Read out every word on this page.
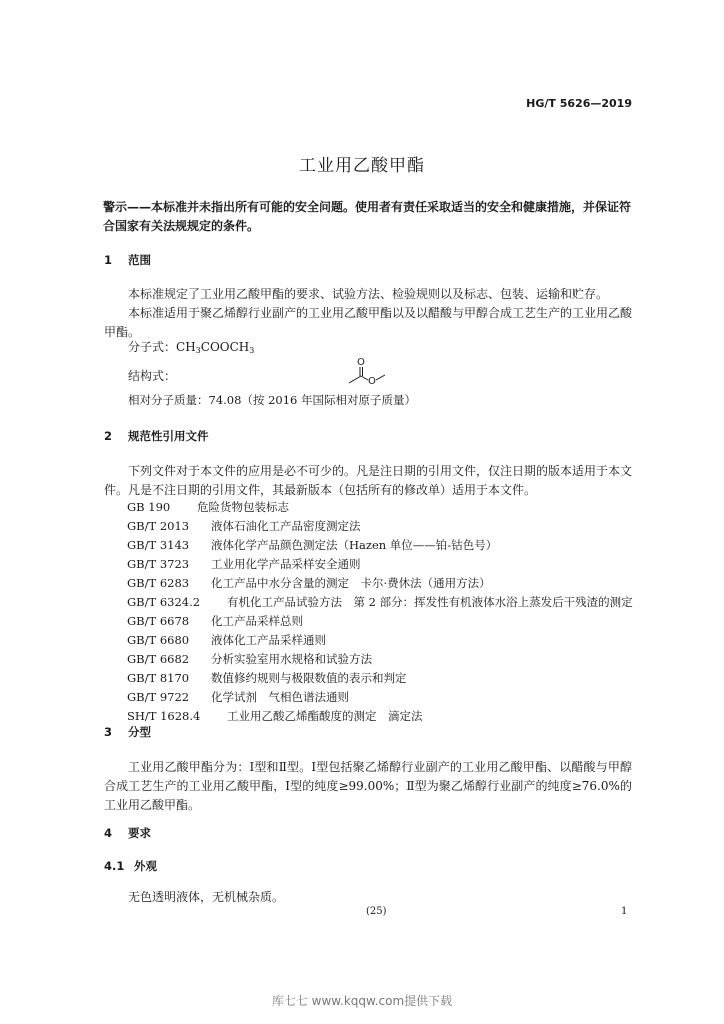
HG/T 5626—2019
工业用乙酸甲酯
警示——本标准并未指出所有可能的安全问题。使用者有责任采取适当的安全和健康措施，并保证符合国家有关法规规定的条件。
1 范围
本标准规定了工业用乙酸甲酯的要求、试验方法、检验规则以及标志、包装、运输和贮存。
本标准适用于聚乙烯醇行业副产的工业用乙酸甲酯以及以醋酸与甲醇合成工艺生产的工业用乙酸甲酯。
分子式：$CH_3COOCH_3$
结构式：
O
O
相对分子质量：74.08（按 2016 年国际相对原子质量）
2 规范性引用文件
下列文件对于本文件的应用是必不可少的。凡是注日期的引用文件，仅注日期的版本适用于本文件。凡是不注日期的引用文件，其最新版本（包括所有的修改单）适用于本文件。
GB 190 危险货物包装标志
GB/T 2013 液体石油化工产品密度测定法
GB/T 3143 液体化学产品颜色测定法（Hazen 单位——铂-钴色号）
GB/T 3723 工业用化学产品采样安全通则
GB/T 6283 化工产品中水分含量的测定　卡尔·费休法（通用方法）
GB/T 6324.2 有机化工产品试验方法　第 2 部分：挥发性有机液体水浴上蒸发后干残渣的测定
GB/T 6678 化工产品采样总则
GB/T 6680 液体化工产品采样通则
GB/T 6682 分析实验室用水规格和试验方法
GB/T 8170 数值修约规则与极限数值的表示和判定
GB/T 9722 化学试剂　气相色谱法通则
SH/T 1628.4 工业用乙酸乙烯酯酸度的测定　滴定法
3 分型
工业用乙酸甲酯分为：Ⅰ型和Ⅱ型。Ⅰ型包括聚乙烯醇行业副产的工业用乙酸甲酯、以醋酸与甲醇合成工艺生产的工业用乙酸甲酯，Ⅰ型的纯度≥99.00%；Ⅱ型为聚乙烯醇行业副产的纯度≥76.0%的工业用乙酸甲酯。
4 要求
4.1 外观
无色透明液体，无机械杂质。
(25)	1
库七七 www.kqqw.com提供下载
